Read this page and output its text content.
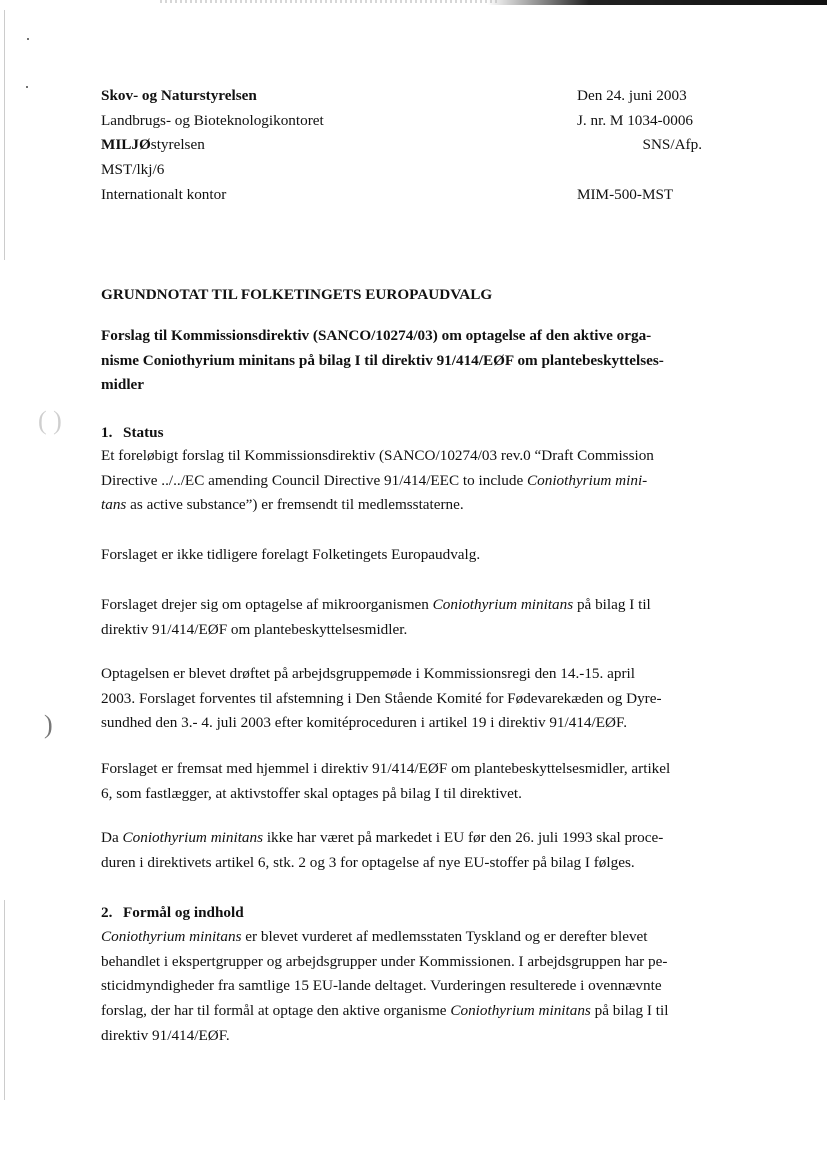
( )
)
Skov- og Naturstyrelsen
Landbrugs- og Bioteknologikontoret
MILJØstyrelsen
MST/lkj/6
Internationalt kontor
Den 24. juni 2003
J. nr. M 1034-0006
SNS/Afp.
MIM-500-MST
GRUNDNOTAT TIL FOLKETINGETS EUROPAUDVALG
Forslag til Kommissionsdirektiv (SANCO/10274/03) om optagelse af den aktive orga-
nisme Coniothyrium minitans på bilag I til direktiv 91/414/EØF om plantebeskyttelses-
midler
1. Status
Et foreløbigt forslag til Kommissionsdirektiv (SANCO/10274/03 rev.0 “Draft Commission
Directive ../../EC amending Council Directive 91/414/EEC to include Coniothyrium mini-
tans as active substance”) er fremsendt til medlemsstaterne.
Forslaget er ikke tidligere forelagt Folketingets Europaudvalg.
Forslaget drejer sig om optagelse af mikroorganismen Coniothyrium minitans på bilag I til
direktiv 91/414/EØF om plantebeskyttelsesmidler.
Optagelsen er blevet drøftet på arbejdsgruppemøde i Kommissionsregi den 14.-15. april
2003. Forslaget forventes til afstemning i Den Stående Komité for Fødevarekæden og Dyre-
sundhed den 3.- 4. juli 2003 efter komitéproceduren i artikel 19 i direktiv 91/414/EØF.
Forslaget er fremsat med hjemmel i direktiv 91/414/EØF om plantebeskyttelsesmidler, artikel
6, som fastlægger, at aktivstoffer skal optages på bilag I til direktivet.
Da Coniothyrium minitans ikke har været på markedet i EU før den 26. juli 1993 skal proce-
duren i direktivets artikel 6, stk. 2 og 3 for optagelse af nye EU-stoffer på bilag I følges.
2. Formål og indhold
Coniothyrium minitans er blevet vurderet af medlemsstaten Tyskland og er derefter blevet
behandlet i ekspertgrupper og arbejdsgrupper under Kommissionen. I arbejdsgruppen har pe-
sticidmyndigheder fra samtlige 15 EU-lande deltaget. Vurderingen resulterede i ovennævnte
forslag, der har til formål at optage den aktive organisme Coniothyrium minitans på bilag I til
direktiv 91/414/EØF.
